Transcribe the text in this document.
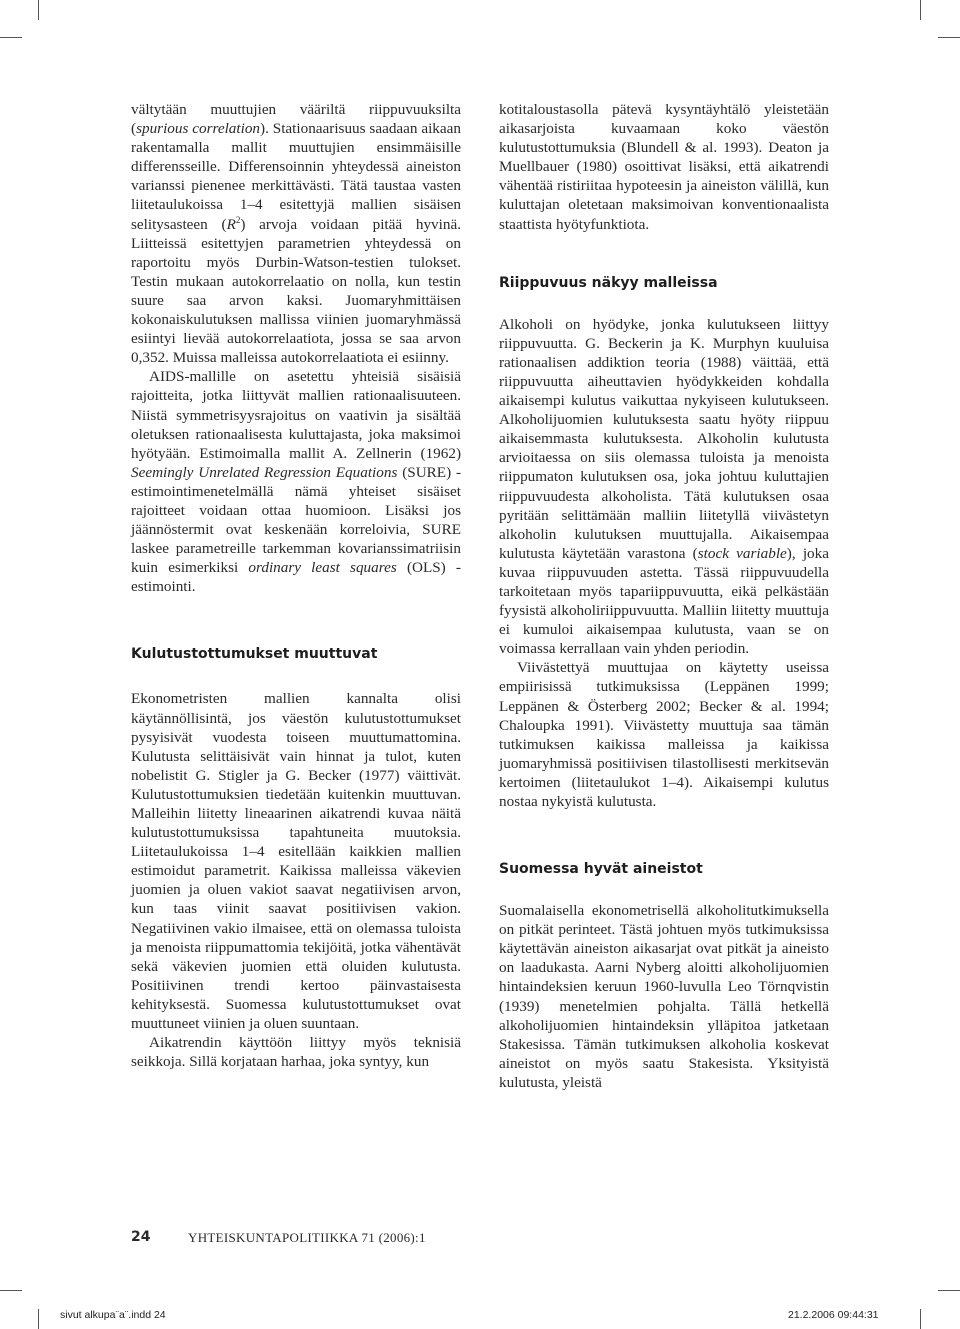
vältytään muuttujien vääriltä riippuvuuksilta (spurious correlation). Stationaarisuus saadaan aikaan rakentamalla mallit muuttujien ensimmäisille differensseille. Differensoinnin yhteydessä aineiston varianssi pienenee merkittävästi. Tätä taustaa vasten liitetaulukoissa 1–4 esitettyjä mallien sisäisen selitysasteen $(R^2)$ arvoja voidaan pitää hyvinä. Liitteissä esitettyjen parametrien yhteydessä on raportoitu myös Durbin-Watson-testien tulokset. Testin mukaan autokorrelaatio on nolla, kun testin suure saa arvon kaksi. Juomaryhmittäisen kokonaiskulutuksen mallissa viinien juomaryhmässä esiintyi lievää autokorrelaatiota, jossa se saa arvon 0,352. Muissa malleissa autokorrelaatiota ei esiinny.

AIDS-mallille on asetettu yhteisiä sisäisiä rajoitteita, jotka liittyvät mallien rationaalisuuteen. Niistä symmetrisyysrajoitus on vaativin ja sisältää oletuksen rationaalisesta kuluttajasta, joka maksimoi hyötyään. Estimoimalla mallit A. Zellnerin (1962) Seemingly Unrelated Regression Equations (SURE) -estimointimenetelmällä nämä yhteiset sisäiset rajoitteet voidaan ottaa huomioon. Lisäksi jos jäännöstermit ovat keskenään korreloivia, SURE laskee parametreille tarkemman kovarianssimatriisin kuin esimerkiksi ordinary least squares (OLS) -estimointi.

Kulutustottumukset muuttuvat

Ekonometristen mallien kannalta olisi käytännöllisintä, jos väestön kulutustottumukset pysyisivät vuodesta toiseen muuttumattomina. Kulutusta selittäisivät vain hinnat ja tulot, kuten nobelistit G. Stigler ja G. Becker (1977) väittivät. Kulutustottumuksien tiedetään kuitenkin muuttuvan. Malleihin liitetty lineaarinen aikatrendi kuvaa näitä kulutustottumuksissa tapahtuneita muutoksia. Liitetaulukoissa 1–4 esitellään kaikkien mallien estimoidut parametrit. Kaikissa malleissa väkevien juomien ja oluen vakiot saavat negatiivisen arvon, kun taas viinit saavat positiivisen vakion. Negatiivinen vakio ilmaisee, että on olemassa tuloista ja menoista riippumattomia tekijöitä, jotka vähentävät sekä väkevien juomien että oluiden kulutusta. Positiivinen trendi kertoo päinvastaisesta kehityksestä. Suomessa kulutustottumukset ovat muuttuneet viinien ja oluen suuntaan.

Aikatrendin käyttöön liittyy myös teknisiä seikkoja. Sillä korjataan harhaa, joka syntyy, kun

kotitaloustasolla pätevä kysyntäyhtälö yleistetään aikasarjoista kuvaamaan koko väestön kulutustottumuksia (Blundell & al. 1993). Deaton ja Muellbauer (1980) osoittivat lisäksi, että aikatrendi vähentää ristiriitaa hypoteesin ja aineiston välillä, kun kuluttajan oletetaan maksimoivan konventionaalista staattista hyötyfunktiota.

Riippuvuus näkyy malleissa

Alkoholi on hyödyke, jonka kulutukseen liittyy riippuvuutta. G. Beckerin ja K. Murphyn kuuluisa rationaalisen addiktion teoria (1988) väittää, että riippuvuutta aiheuttavien hyödykkeiden kohdalla aikaisempi kulutus vaikuttaa nykyiseen kulutukseen. Alkoholijuomien kulutuksesta saatu hyöty riippuu aikaisemmasta kulutuksesta. Alkoholin kulutusta arvioitaessa on siis olemassa tuloista ja menoista riippumaton kulutuksen osa, joka johtuu kuluttajien riippuvuudesta alkoholista. Tätä kulutuksen osaa pyritään selittämään malliin liitetyllä viivästetyn alkoholin kulutuksen muuttujalla. Aikaisempaa kulutusta käytetään varastona (stock variable), joka kuvaa riippuvuuden astetta. Tässä riippuvuudella tarkoitetaan myös tapariippuvuutta, eikä pelkästään fyysistä alkoholiriippuvuutta. Malliin liitetty muuttuja ei kumuloi aikaisempaa kulutusta, vaan se on voimassa kerrallaan vain yhden periodin.

Viivästettyä muuttujaa on käytetty useissa empiirisissä tutkimuksissa (Leppänen 1999; Leppänen & Österberg 2002; Becker & al. 1994; Chaloupka 1991). Viivästetty muuttuja saa tämän tutkimuksen kaikissa malleissa ja kaikissa juomaryhmissä positiivisen tilastollisesti merkitsevän kertoimen (liitetaulukot 1–4). Aikaisempi kulutus nostaa nykyistä kulutusta.

Suomessa hyvät aineistot

Suomalaisella ekonometrisellä alkoholitutkimuksella on pitkät perinteet. Tästä johtuen myös tutkimuksissa käytettävän aineiston aikasarjat ovat pitkät ja aineisto on laadukasta. Aarni Nyberg aloitti alkoholijuomien hintaindeksien keruun 1960-luvulla Leo Törnqvistin (1939) menetelmien pohjalta. Tällä hetkellä alkoholijuomien hintaindeksin ylläpitoa jatketaan Stakesissa. Tämän tutkimuksen alkoholia koskevat aineistot on myös saatu Stakesista. Yksityistä kulutusta, yleistä

24	YHTEISKUNTAPOLITIIKKA 71 (2006):1
sivut alkupa¨a¨.indd 24	21.2.2006 09:44:31
